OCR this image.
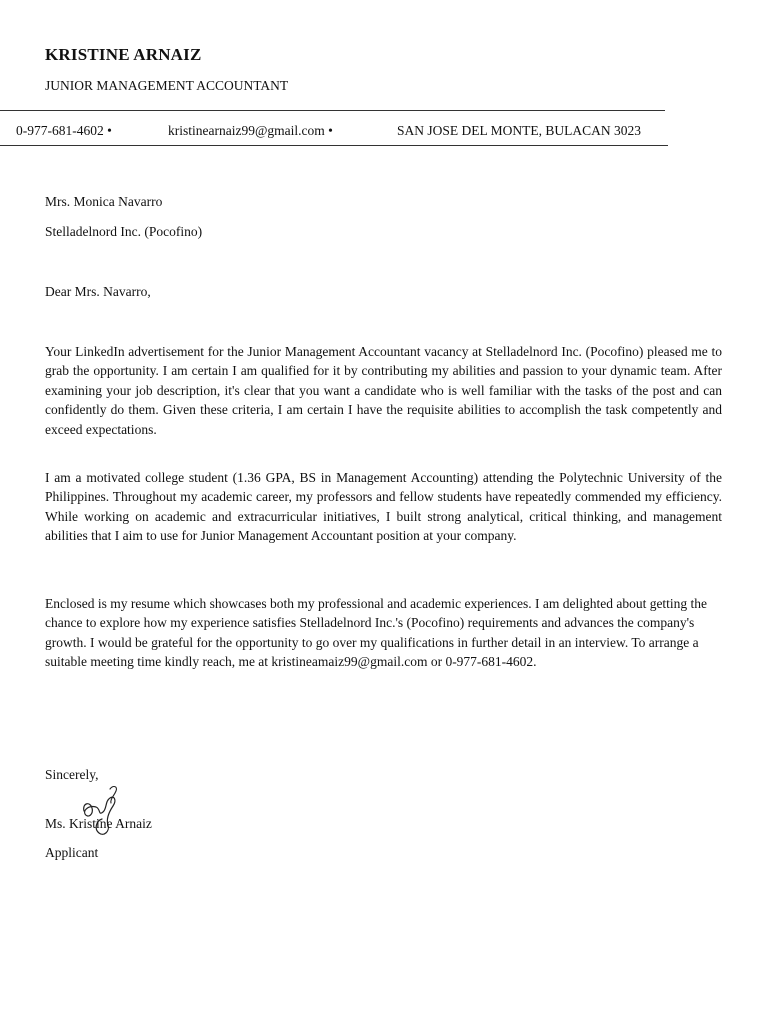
KRISTINE ARNAIZ
JUNIOR MANAGEMENT ACCOUNTANT
0-977-681-4602 •	kristinearnaiz99@gmail.com •	SAN JOSE DEL MONTE, BULACAN 3023
Mrs. Monica Navarro
Stelladelnord Inc. (Pocofino)
Dear Mrs. Navarro,
Your LinkedIn advertisement for the Junior Management Accountant vacancy at Stelladelnord Inc. (Pocofino) pleased me to grab the opportunity. I am certain I am qualified for it by contributing my abilities and passion to your dynamic team. After examining your job description, it's clear that you want a candidate who is well familiar with the tasks of the post and can confidently do them. Given these criteria, I am certain I have the requisite abilities to accomplish the task competently and exceed expectations.
I am a motivated college student (1.36 GPA, BS in Management Accounting) attending the Polytechnic University of the Philippines. Throughout my academic career, my professors and fellow students have repeatedly commended my efficiency. While working on academic and extracurricular initiatives, I built strong analytical, critical thinking, and management abilities that I aim to use for Junior Management Accountant position at your company.
Enclosed is my resume which showcases both my professional and academic experiences. I am delighted about getting the chance to explore how my experience satisfies Stelladelnord Inc.'s (Pocofino) requirements and advances the company's growth. I would be grateful for the opportunity to go over my qualifications in further detail in an interview. To arrange a suitable meeting time kindly reach, me at kristineamaiz99@gmail.com or 0-977-681-4602.
Sincerely,
Ms. Kristine Arnaiz
Applicant
